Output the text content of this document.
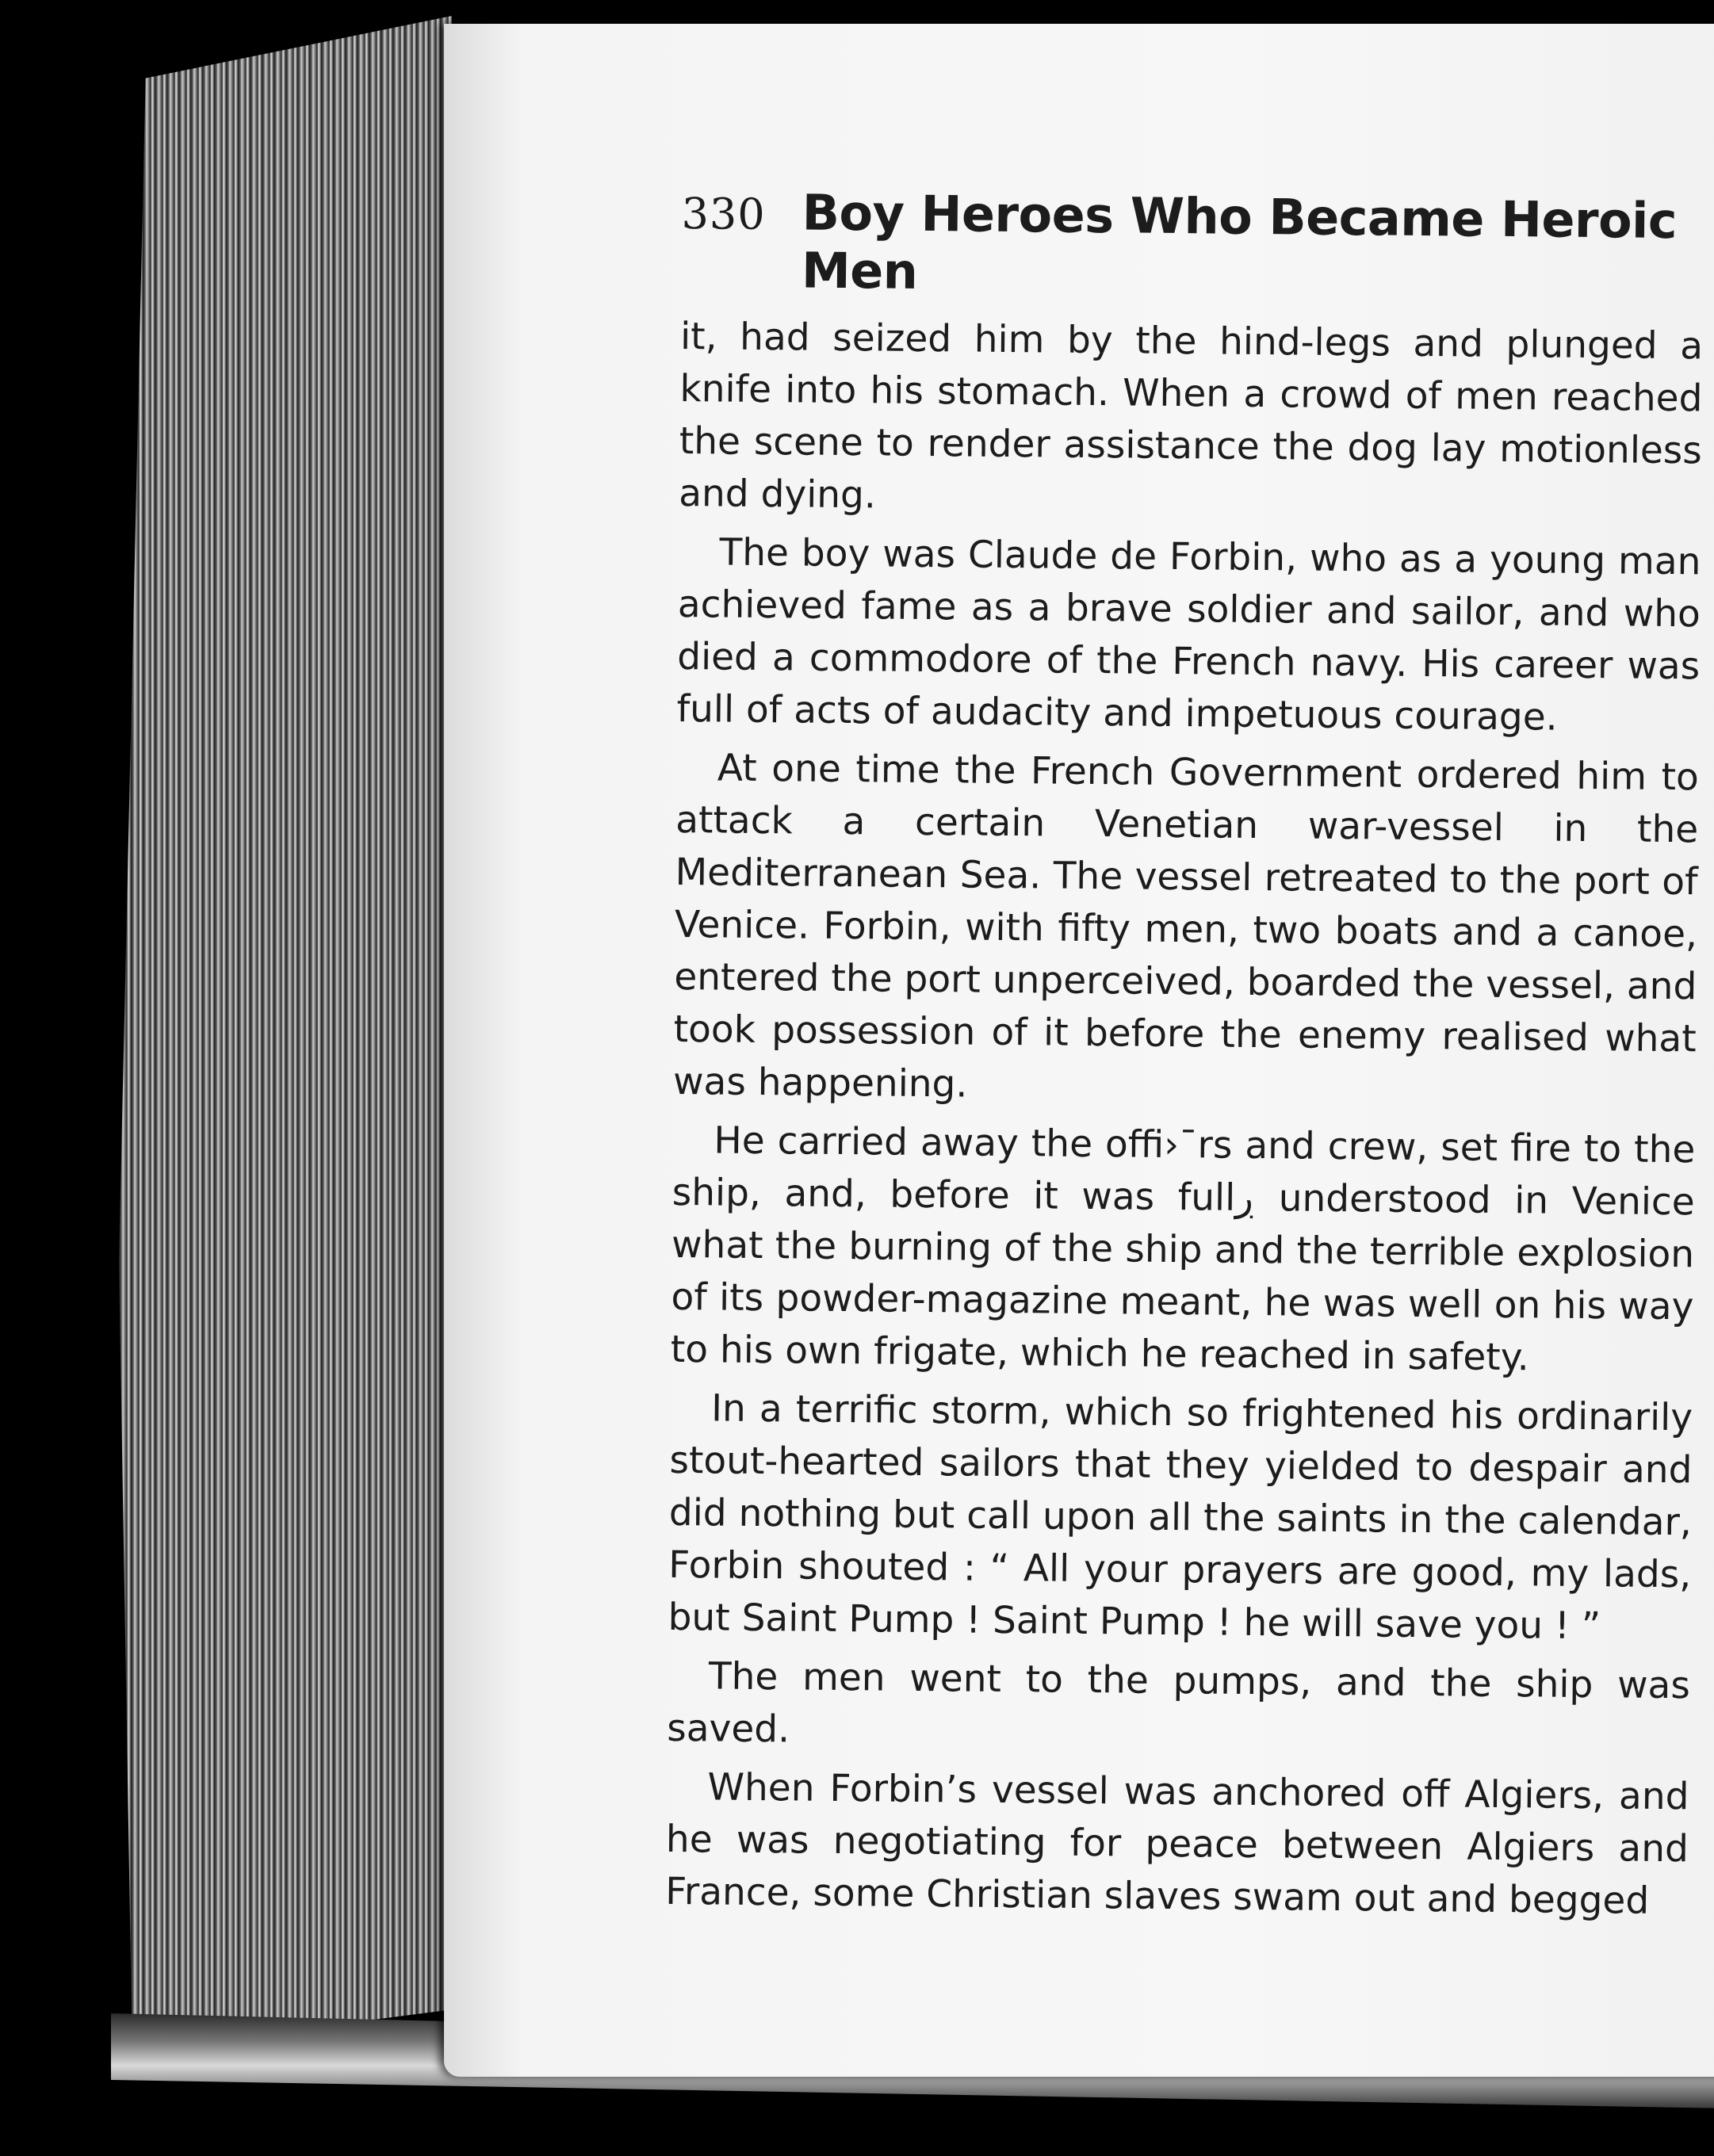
330 Boy Heroes Who Became Heroic Men

it, had seized him by the hind-legs and plunged a knife into his stomach. When a crowd of men reached the scene to render assistance the dog lay motionless and dying.

The boy was Claude de Forbin, who as a young man achieved fame as a brave soldier and sailor, and who died a commodore of the French navy. His career was full of acts of audacity and impetuous courage.

At one time the French Government ordered him to attack a certain Venetian war-vessel in the Mediterranean Sea. The vessel retreated to the port of Venice. Forbin, with fifty men, two boats and a canoe, entered the port unperceived, boarded the vessel, and took possession of it before the enemy realised what was happening.

He carried away the offi›ˉrs and crew, set fire to the ship, and, before it was fullڔ understood in Venice what the burning of the ship and the terrible explosion of its powder-magazine meant, he was well on his way to his own frigate, which he reached in safety.

In a terrific storm, which so frightened his ordinarily stout-hearted sailors that they yielded to despair and did nothing but call upon all the saints in the calendar, Forbin shouted : “ All your prayers are good, my lads, but Saint Pump ! Saint Pump ! he will save you ! ”

The men went to the pumps, and the ship was saved.

When Forbin’s vessel was anchored off Algiers, and he was negotiating for peace between Algiers and France, some Christian slaves swam out and begged
